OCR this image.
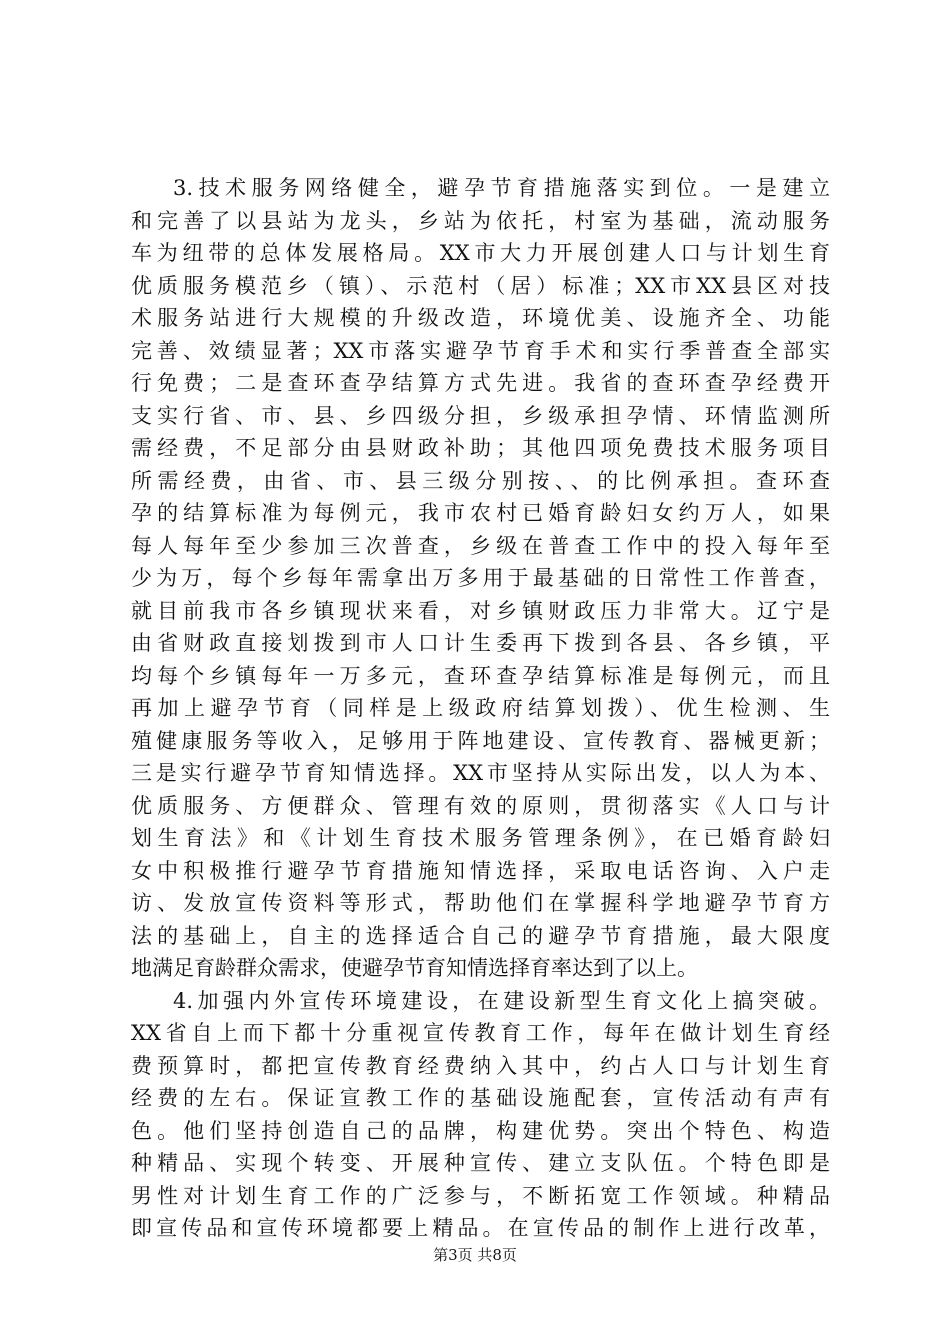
3.技术服务网络健全，避孕节育措施落实到位。一是建立
和完善了以县站为龙头，乡站为依托，村室为基础，流动服务
车为纽带的总体发展格局。XX市大力开展创建人口与计划生育
优质服务模范乡（镇）、示范村（居）标准；XX市XX县区对技
术服务站进行大规模的升级改造，环境优美、设施齐全、功能
完善、效绩显著；XX市落实避孕节育手术和实行季普查全部实
行免费；二是查环查孕结算方式先进。我省的查环查孕经费开
支实行省、市、县、乡四级分担，乡级承担孕情、环情监测所
需经费，不足部分由县财政补助；其他四项免费技术服务项目
所需经费，由省、市、县三级分别按、、的比例承担。查环查
孕的结算标准为每例元，我市农村已婚育龄妇女约万人，如果
每人每年至少参加三次普查，乡级在普查工作中的投入每年至
少为万，每个乡每年需拿出万多用于最基础的日常性工作普查，
就目前我市各乡镇现状来看，对乡镇财政压力非常大。辽宁是
由省财政直接划拨到市人口计生委再下拨到各县、各乡镇，平
均每个乡镇每年一万多元，查环查孕结算标准是每例元，而且
再加上避孕节育（同样是上级政府结算划拨）、优生检测、生
殖健康服务等收入，足够用于阵地建设、宣传教育、器械更新；
三是实行避孕节育知情选择。XX市坚持从实际出发，以人为本、
优质服务、方便群众、管理有效的原则，贯彻落实《人口与计
划生育法》和《计划生育技术服务管理条例》，在已婚育龄妇
女中积极推行避孕节育措施知情选择，采取电话咨询、入户走
访、发放宣传资料等形式，帮助他们在掌握科学地避孕节育方
法的基础上，自主的选择适合自己的避孕节育措施，最大限度
地满足育龄群众需求，使避孕节育知情选择育率达到了以上。
4.加强内外宣传环境建设，在建设新型生育文化上搞突破。
XX省自上而下都十分重视宣传教育工作，每年在做计划生育经
费预算时，都把宣传教育经费纳入其中，约占人口与计划生育
经费的左右。保证宣教工作的基础设施配套，宣传活动有声有
色。他们坚持创造自己的品牌，构建优势。突出个特色、构造
种精品、实现个转变、开展种宣传、建立支队伍。个特色即是
男性对计划生育工作的广泛参与，不断拓宽工作领域。种精品
即宣传品和宣传环境都要上精品。在宣传品的制作上进行改革，
第3页 共8页
